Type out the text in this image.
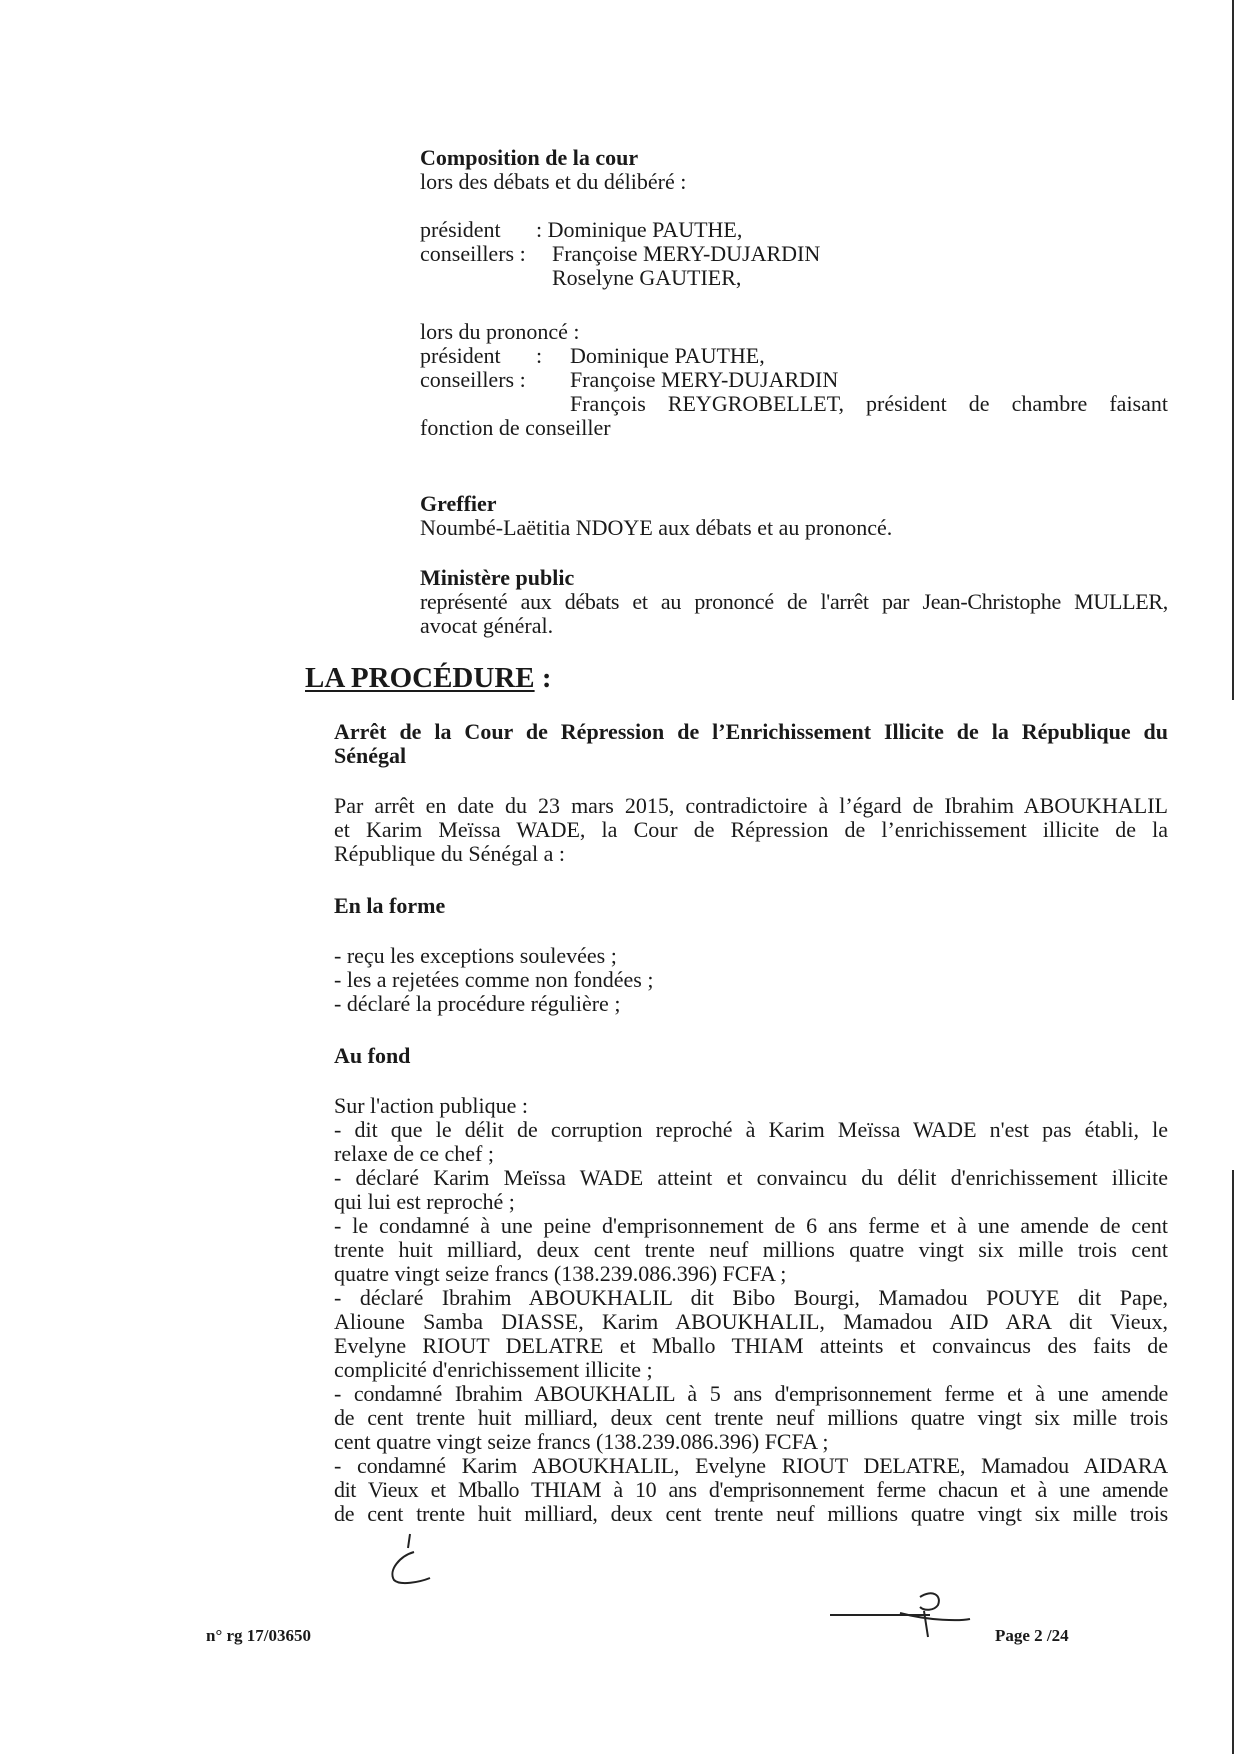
Composition de la cour

lors des débats et du délibéré :

président : Dominique PAUTHE,

conseillers : Françoise MERY-DUJARDIN

Roselyne GAUTIER,

lors du prononcé :

président : Dominique PAUTHE,

conseillers : Françoise MERY-DUJARDIN

François REYGROBELLET, président de chambre faisant

fonction de conseiller

Greffier

Noumbé-Laëtitia NDOYE aux débats et au prononcé.

Ministère public

représenté aux débats et au prononcé de l'arrêt par Jean-Christophe MULLER,

avocat général.

LA PROCÉDURE :

Arrêt de la Cour de Répression de l’Enrichissement Illicite de la République du

Sénégal

Par arrêt en date du 23 mars 2015, contradictoire à l’égard de Ibrahim ABOUKHALIL

et Karim Meïssa WADE, la Cour de Répression de l’enrichissement illicite de la

République du Sénégal a :

En la forme

- reçu les exceptions soulevées ;

- les a rejetées comme non fondées ;

- déclaré la procédure régulière ;

Au fond

Sur l'action publique :

- dit que le délit de corruption reproché à Karim Meïssa WADE n'est pas établi, le
relaxe de ce chef ;
- déclaré Karim Meïssa WADE atteint et convaincu du délit d'enrichissement illicite
qui lui est reproché ;
- le condamné à une peine d'emprisonnement de 6 ans ferme et à une amende de cent
trente huit milliard, deux cent trente neuf millions quatre vingt six mille trois cent
quatre vingt seize francs (138.239.086.396) FCFA ;
- déclaré Ibrahim ABOUKHALIL dit Bibo Bourgi, Mamadou POUYE dit Pape,
Alioune Samba DIASSE, Karim ABOUKHALIL, Mamadou AID ARA dit Vieux,
Evelyne RIOUT DELATRE et Mballo THIAM atteints et convaincus des faits de
complicité d'enrichissement illicite ;
- condamné Ibrahim ABOUKHALIL à 5 ans d'emprisonnement ferme et à une amende
de cent trente huit milliard, deux cent trente neuf millions quatre vingt six mille trois
cent quatre vingt seize francs (138.239.086.396) FCFA ;
- condamné Karim ABOUKHALIL, Evelyne RIOUT DELATRE, Mamadou AIDARA
dit Vieux et Mballo THIAM à 10 ans d'emprisonnement ferme chacun et à une amende
de cent trente huit milliard, deux cent trente neuf millions quatre vingt six mille trois
n° rg 17/03650	Page 2 /24
